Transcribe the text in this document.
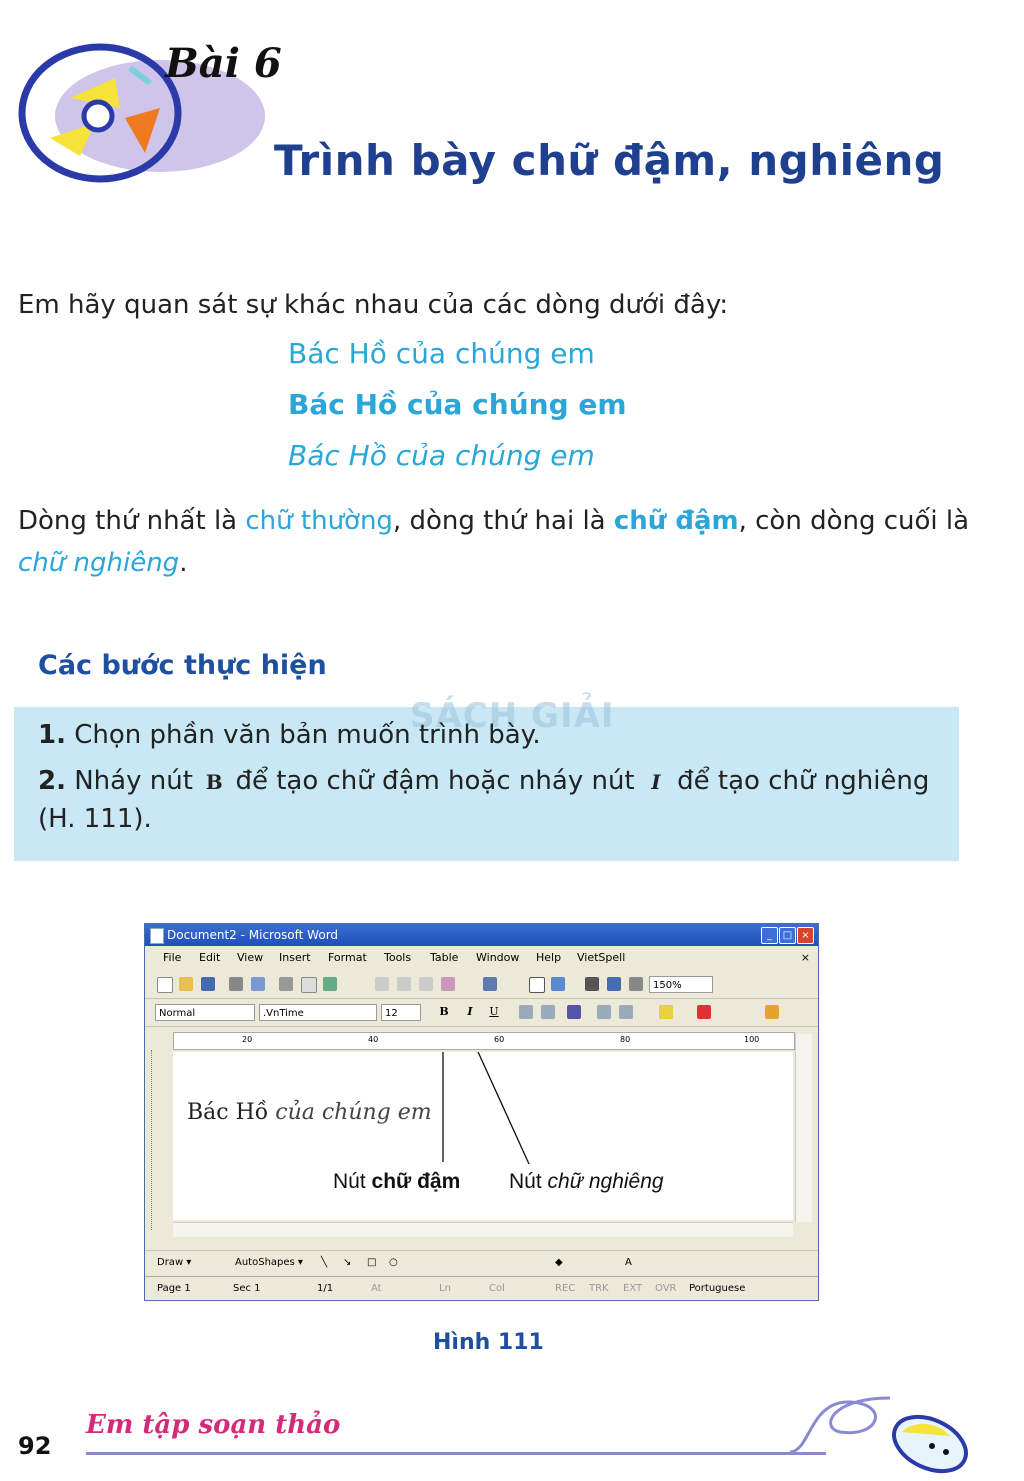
Bài 6
Trình bày chữ đậm, nghiêng
Em hãy quan sát sự khác nhau của các dòng dưới đây:
Bác Hồ của chúng em
Bác Hồ của chúng em
Bác Hồ của chúng em
Dòng thứ nhất là chữ thường, dòng thứ hai là chữ đậm, còn dòng cuối là chữ nghiêng.
Các bước thực hiện
SÁCH GIẢI
1. Chọn phần văn bản muốn trình bày.
2. Nháy nút B để tạo chữ đậm hoặc nháy nút I để tạo chữ nghiêng
(H. 111).
Document2 - Microsoft Word	_	□ ×
File Edit View Insert Format Tools Table Window Help VietSpell	×
150%
Normal	.VnTime	12	B	I	U
20	40	60	80	100
Bác Hồ của chúng em
Nút chữ đậm Nút chữ nghiêng
Draw ▾	AutoShapes ▾ ╲ ↘ □ ○	◆	A
Page 1	Sec 1	1/1	At	Ln	Col	REC TRK EXT OVR Portuguese
Hình 111
92
Em tập soạn thảo
